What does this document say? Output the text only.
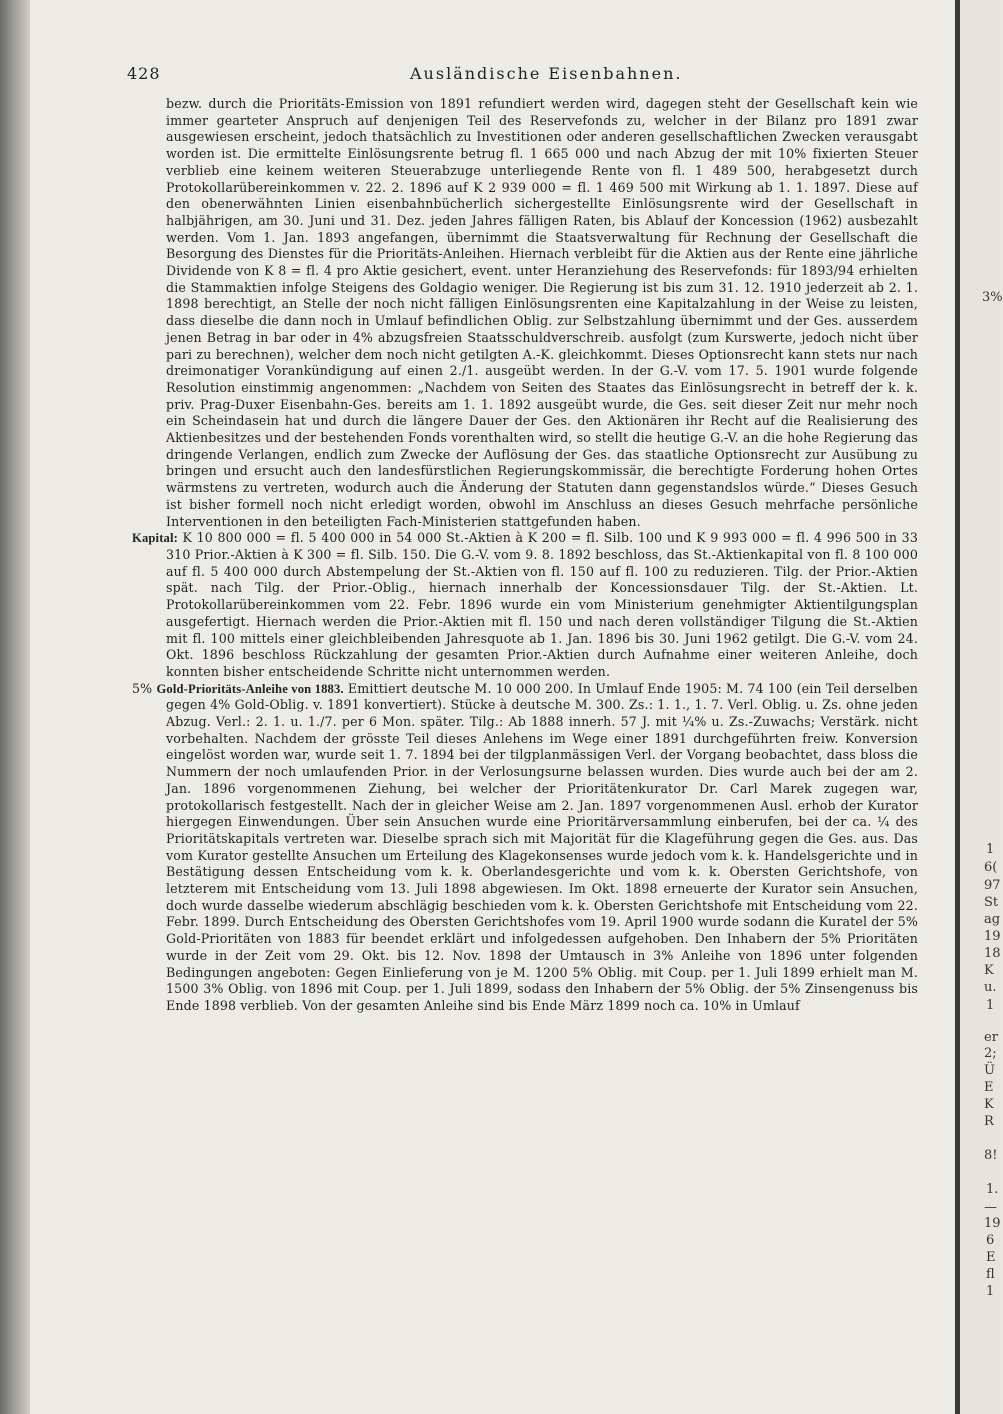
428	Ausländische Eisenbahnen.

bezw. durch die Prioritäts-Emission von 1891 refundiert werden wird, dagegen steht der Gesellschaft kein wie immer gearteter Anspruch auf denjenigen Teil des Reservefonds zu, welcher in der Bilanz pro 1891 zwar ausgewiesen erscheint, jedoch thatsächlich zu Investitionen oder anderen gesellschaftlichen Zwecken verausgabt worden ist. Die ermittelte Einlösungsrente betrug fl. 1 665 000 und nach Abzug der mit 10% fixierten Steuer verblieb eine keinem weiteren Steuerabzuge unterliegende Rente von fl. 1 489 500, herabgesetzt durch Protokollarübereinkommen v. 22. 2. 1896 auf K 2 939 000 = fl. 1 469 500 mit Wirkung ab 1. 1. 1897. Diese auf den obenerwähnten Linien eisenbahnbücherlich sichergestellte Einlösungsrente wird der Gesellschaft in halbjährigen, am 30. Juni und 31. Dez. jeden Jahres fälligen Raten, bis Ablauf der Koncession (1962) ausbezahlt werden. Vom 1. Jan. 1893 angefangen, übernimmt die Staatsverwaltung für Rechnung der Gesellschaft die Besorgung des Dienstes für die Prioritäts-Anleihen. Hiernach verbleibt für die Aktien aus der Rente eine jährliche Dividende von K 8 = fl. 4 pro Aktie gesichert, event. unter Heranziehung des Reservefonds: für 1893/94 erhielten die Stammaktien infolge Steigens des Goldagio weniger. Die Regierung ist bis zum 31. 12. 1910 jederzeit ab 2. 1. 1898 berechtigt, an Stelle der noch nicht fälligen Einlösungsrenten eine Kapitalzahlung in der Weise zu leisten, dass dieselbe die dann noch in Umlauf befindlichen Oblig. zur Selbstzahlung übernimmt und der Ges. ausserdem jenen Betrag in bar oder in 4% abzugsfreien Staatsschuldverschreib. ausfolgt (zum Kurswerte, jedoch nicht über pari zu berechnen), welcher dem noch nicht getilgten A.-K. gleichkommt. Dieses Optionsrecht kann stets nur nach dreimonatiger Vorankündigung auf einen 2./1. ausgeübt werden. In der G.-V. vom 17. 5. 1901 wurde folgende Resolution einstimmig angenommen: „Nachdem von Seiten des Staates das Einlösungsrecht in betreff der k. k. priv. Prag-Duxer Eisenbahn-Ges. bereits am 1. 1. 1892 ausgeübt wurde, die Ges. seit dieser Zeit nur mehr noch ein Scheindasein hat und durch die längere Dauer der Ges. den Aktionären ihr Recht auf die Realisierung des Aktienbesitzes und der bestehenden Fonds vorenthalten wird, so stellt die heutige G.-V. an die hohe Regierung das dringende Verlangen, endlich zum Zwecke der Auflösung der Ges. das staatliche Optionsrecht zur Ausübung zu bringen und ersucht auch den landesfürstlichen Regierungskommissär, die berechtigte Forderung hohen Ortes wärmstens zu vertreten, wodurch auch die Änderung der Statuten dann gegenstandslos würde.“ Dieses Gesuch ist bisher formell noch nicht erledigt worden, obwohl im Anschluss an dieses Gesuch mehrfache persönliche Interventionen in den beteiligten Fach-Ministerien stattgefunden haben.

Kapital: K 10 800 000 = fl. 5 400 000 in 54 000 St.-Aktien à K 200 = fl. Silb. 100 und K 9 993 000 = fl. 4 996 500 in 33 310 Prior.-Aktien à K 300 = fl. Silb. 150. Die G.-V. vom 9. 8. 1892 beschloss, das St.-Aktienkapital von fl. 8 100 000 auf fl. 5 400 000 durch Abstempelung der St.-Aktien von fl. 150 auf fl. 100 zu reduzieren. Tilg. der Prior.-Aktien spät. nach Tilg. der Prior.-Oblig., hiernach innerhalb der Koncessionsdauer Tilg. der St.-Aktien. Lt. Protokollarübereinkommen vom 22. Febr. 1896 wurde ein vom Ministerium genehmigter Aktientilgungsplan ausgefertigt. Hiernach werden die Prior.-Aktien mit fl. 150 und nach deren vollständiger Tilgung die St.-Aktien mit fl. 100 mittels einer gleichbleibenden Jahresquote ab 1. Jan. 1896 bis 30. Juni 1962 getilgt. Die G.-V. vom 24. Okt. 1896 beschloss Rückzahlung der gesamten Prior.-Aktien durch Aufnahme einer weiteren Anleihe, doch konnten bisher entscheidende Schritte nicht unternommen werden.

5% Gold-Prioritäts-Anleihe von 1883. Emittiert deutsche M. 10 000 200. In Umlauf Ende 1905: M. 74 100 (ein Teil derselben gegen 4% Gold-Oblig. v. 1891 konvertiert). Stücke à deutsche M. 300. Zs.: 1. 1., 1. 7. Verl. Oblig. u. Zs. ohne jeden Abzug. Verl.: 2. 1. u. 1./7. per 6 Mon. später. Tilg.: Ab 1888 innerh. 57 J. mit ¼% u. Zs.-Zuwachs; Verstärk. nicht vorbehalten. Nachdem der grösste Teil dieses Anlehens im Wege einer 1891 durchgeführten freiw. Konversion eingelöst worden war, wurde seit 1. 7. 1894 bei der tilgplanmässigen Verl. der Vorgang beobachtet, dass bloss die Nummern der noch umlaufenden Prior. in der Verlosungsurne belassen wurden. Dies wurde auch bei der am 2. Jan. 1896 vorgenommenen Ziehung, bei welcher der Prioritätenkurator Dr. Carl Marek zugegen war, protokollarisch festgestellt. Nach der in gleicher Weise am 2. Jan. 1897 vorgenommenen Ausl. erhob der Kurator hiergegen Einwendungen. Über sein Ansuchen wurde eine Prioritärversammlung einberufen, bei der ca. ¼ des Prioritätskapitals vertreten war. Dieselbe sprach sich mit Majorität für die Klageführung gegen die Ges. aus. Das vom Kurator gestellte Ansuchen um Erteilung des Klagekonsenses wurde jedoch vom k. k. Handelsgerichte und in Bestätigung dessen Entscheidung vom k. k. Oberlandesgerichte und vom k. k. Obersten Gerichtshofe, von letzterem mit Entscheidung vom 13. Juli 1898 abgewiesen. Im Okt. 1898 erneuerte der Kurator sein Ansuchen, doch wurde dasselbe wiederum abschlägig beschieden vom k. k. Obersten Gerichtshofe mit Entscheidung vom 22. Febr. 1899. Durch Entscheidung des Obersten Gerichtshofes vom 19. April 1900 wurde sodann die Kuratel der 5% Gold-Prioritäten von 1883 für beendet erklärt und infolgedessen aufgehoben. Den Inhabern der 5% Prioritäten wurde in der Zeit vom 29. Okt. bis 12. Nov. 1898 der Umtausch in 3% Anleihe von 1896 unter folgenden Bedingungen angeboten: Gegen Einlieferung von je M. 1200 5% Oblig. mit Coup. per 1. Juli 1899 erhielt man M. 1500 3% Oblig. von 1896 mit Coup. per 1. Juli 1899, sodass den Inhabern der 5% Oblig. der 5% Zinsengenuss bis Ende 1898 verblieb. Von der gesamten Anleihe sind bis Ende März 1899 noch ca. 10% in Umlauf

3%
1
6(
97
St
ag
19
18
K
u.
1
er
2;
Ü
E
K
R
8!
1.
—
19
6
E
fl
1
